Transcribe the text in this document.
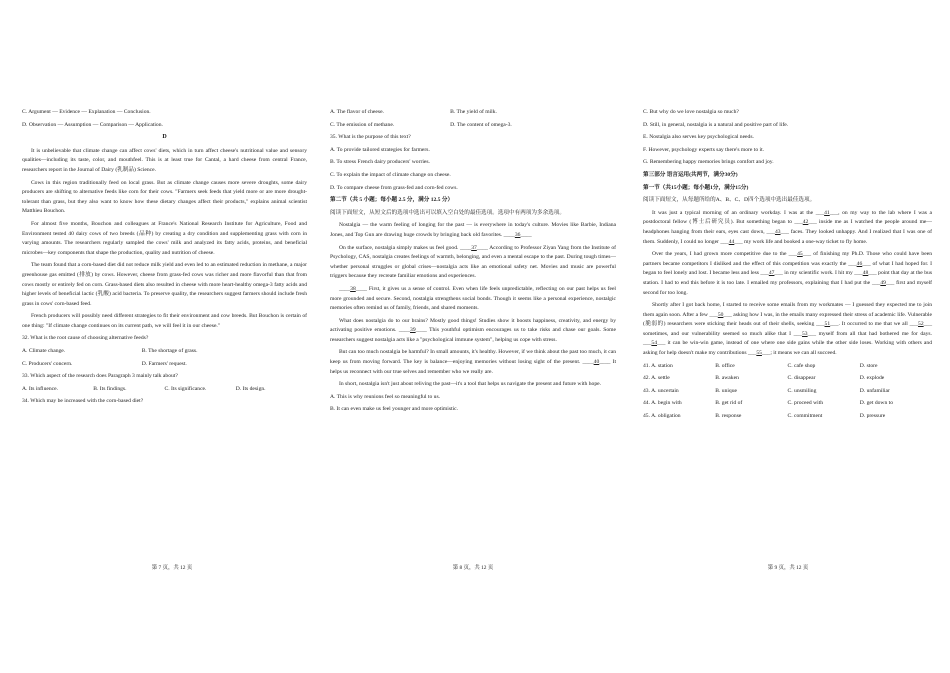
C. Argument — Evidence — Explanation — Conclusion.
D. Observation — Assumption — Comparison — Application.
D
It is unbelievable that climate change can affect cows' diets, which in turn affect cheese's nutritional value and sensory qualities—including its taste, color, and mouthfeel. This is at least true for Cantal, a hard cheese from central France, researchers report in the Journal of Dairy (乳制品) Science.
Cows in this region traditionally feed on local grass. But as climate change causes more severe droughts, some dairy producers are shifting to alternative feeds like corn for their cows. "Farmers seek feeds that yield more or are more drought-tolerant than grass, but they also want to know how these dietary changes affect their products," explains animal scientist Matthieu Bouchon.
For almost five months, Bouchon and colleagues at France's National Research Institute for Agriculture, Food and Environment tested 40 dairy cows of two breeds (品种) by creating a dry condition and supplementing grass with corn in varying amounts. The researchers regularly sampled the cows' milk and analyzed its fatty acids, proteins, and beneficial microbes—key components that shape the production, quality and nutrition of cheese.
The team found that a corn-based diet did not reduce milk yield and even led to an estimated reduction in methane, a major greenhouse gas emitted (排放) by cows. However, cheese from grass-fed cows was richer and more flavorful than that from cows mostly or entirely fed on corn. Grass-based diets also resulted in cheese with more heart-healthy omega-3 fatty acids and higher levels of beneficial lactic (乳酸) acid bacteria. To preserve quality, the researchers suggest farmers should include fresh grass in cows' corn-based feed.
French producers will possibly need different strategies to fit their environment and cow breeds. But Bouchon is certain of one thing: "If climate change continues on its current path, we will feel it in our cheese."
32. What is the root cause of choosing alternative feeds?
A. Climate change.	B. The shortage of grass.
C. Producers' concern.	D. Farmers' request.
33. Which aspect of the research does Paragraph 3 mainly talk about?
A. Its influence.	B. Its findings.	C. Its significance.	D. Its design.
34. Which may be increased with the corn-based diet?
A. The flavor of cheese.	B. The yield of milk.
C. The emission of methane.	D. The content of omega-3.
35. What is the purpose of this text?
A. To provide tailored strategies for farmers.
B. To stress French dairy producers' worries.
C. To explain the impact of climate change on cheese.
D. To compare cheese from grass-fed and corn-fed cows.
第二节（共 5 小题；每小题 2.5 分，满分 12.5 分）
阅读下面短文，从短文后的选项中选出可以填入空白处的最佳选项。选项中有两项为多余选项。
Nostalgia — the warm feeling of longing for the past — is everywhere in today's culture. Movies like Barbie, Indiana Jones, and Top Gun are drawing huge crowds by bringing back old favorites. ____36____
On the surface, nostalgia simply makes us feel good. ____37____ According to Professor Ziyan Yang from the Institute of Psychology, CAS, nostalgia creates feelings of warmth, belonging, and even a mental escape to the past. During tough times—whether personal struggles or global crises—nostalgia acts like an emotional safety net. Movies and music are powerful triggers because they recreate familiar emotions and experiences.
____38____ First, it gives us a sense of control. Even when life feels unpredictable, reflecting on our past helps us feel more grounded and secure. Second, nostalgia strengthens social bonds. Though it seems like a personal experience, nostalgic memories often remind us of family, friends, and shared moments.
What does nostalgia do to our brains? Mostly good things! Studies show it boosts happiness, creativity, and energy by activating positive emotions. ____39____ This youthful optimism encourages us to take risks and chase our goals. Some researchers suggest nostalgia acts like a "psychological immune system", helping us cope with stress.
But can too much nostalgia be harmful? In small amounts, it's healthy. However, if we think about the past too much, it can keep us from moving forward. The key is balance—enjoying memories without losing sight of the present. ____40____ It helps us reconnect with our true selves and remember who we really are.
In short, nostalgia isn't just about reliving the past—it's a tool that helps us navigate the present and future with hope.
A. This is why reunions feel so meaningful to us.
B. It can even make us feel younger and more optimistic.
C. But why do we love nostalgia so much?
D. Still, in general, nostalgia is a natural and positive part of life.
E. Nostalgia also serves key psychological needs.
F. However, psychology experts say there's more to it.
G. Remembering happy memories brings comfort and joy.
第三部分 语言运用(共两节，满分30分)
第一节（共15小题；每小题1分，满分15分)
阅读下面短文，从每题所给的A、B、C、D四个选项中选出最佳选项。
It was just a typical morning of an ordinary workday. I was at the ___41___, on my way to the lab where I was a postdoctoral fellow (博士后研究员). But something began to ___42___ inside me as I watched the people around me—headphones hanging from their ears, eyes cast down, ___43___ faces. They looked unhappy. And I realized that I was one of them. Suddenly, I could no longer ___44___ my work life and booked a one-way ticket to fly home.
Over the years, I had grown more competitive due to the ___45___ of finishing my Ph.D. Those who could have been partners became competitors I disliked and the effect of this competition was exactly the ___46___ of what I had hoped for. I began to feel lonely and lost. I became less and less ___47___ in my scientific work. I hit my ___48___ point that day at the bus station. I had to end this before it is too late. I emailed my professors, explaining that I had put the ___49___ first and myself second for too long.
Shortly after I got back home, I started to receive some emails from my workmates — I guessed they expected me to join them again soon. After a few ___50___ asking how I was, in the emails many expressed their stress of academic life. Vulnerable (脆弱的) researchers were sticking their heads out of their shells, seeking ___51___. It occurred to me that we all ___52___ sometimes, and our vulnerability seemed so much alike that I ___53___ myself from all that had bothered me for days. ___54___ it can be win-win game, instead of one where one side gains while the other side loses. Working with others and asking for help doesn't make my contributions ___55___; it means we can all succeed.
41. A. station	B. office	C. cafe shop	D. store
42. A. settle	B. awaken	C. disappear	D. explode
43. A. uncertain	B. unique	C. unsmiling	D. unfamiliar
44. A. begin with	B. get rid of	C. proceed with	D. get down to
45. A. obligation	B. response	C. commitment	D. pressure
第 7 页，共 12 页	第 8 页，共 12 页	第 9 页，共 12 页
